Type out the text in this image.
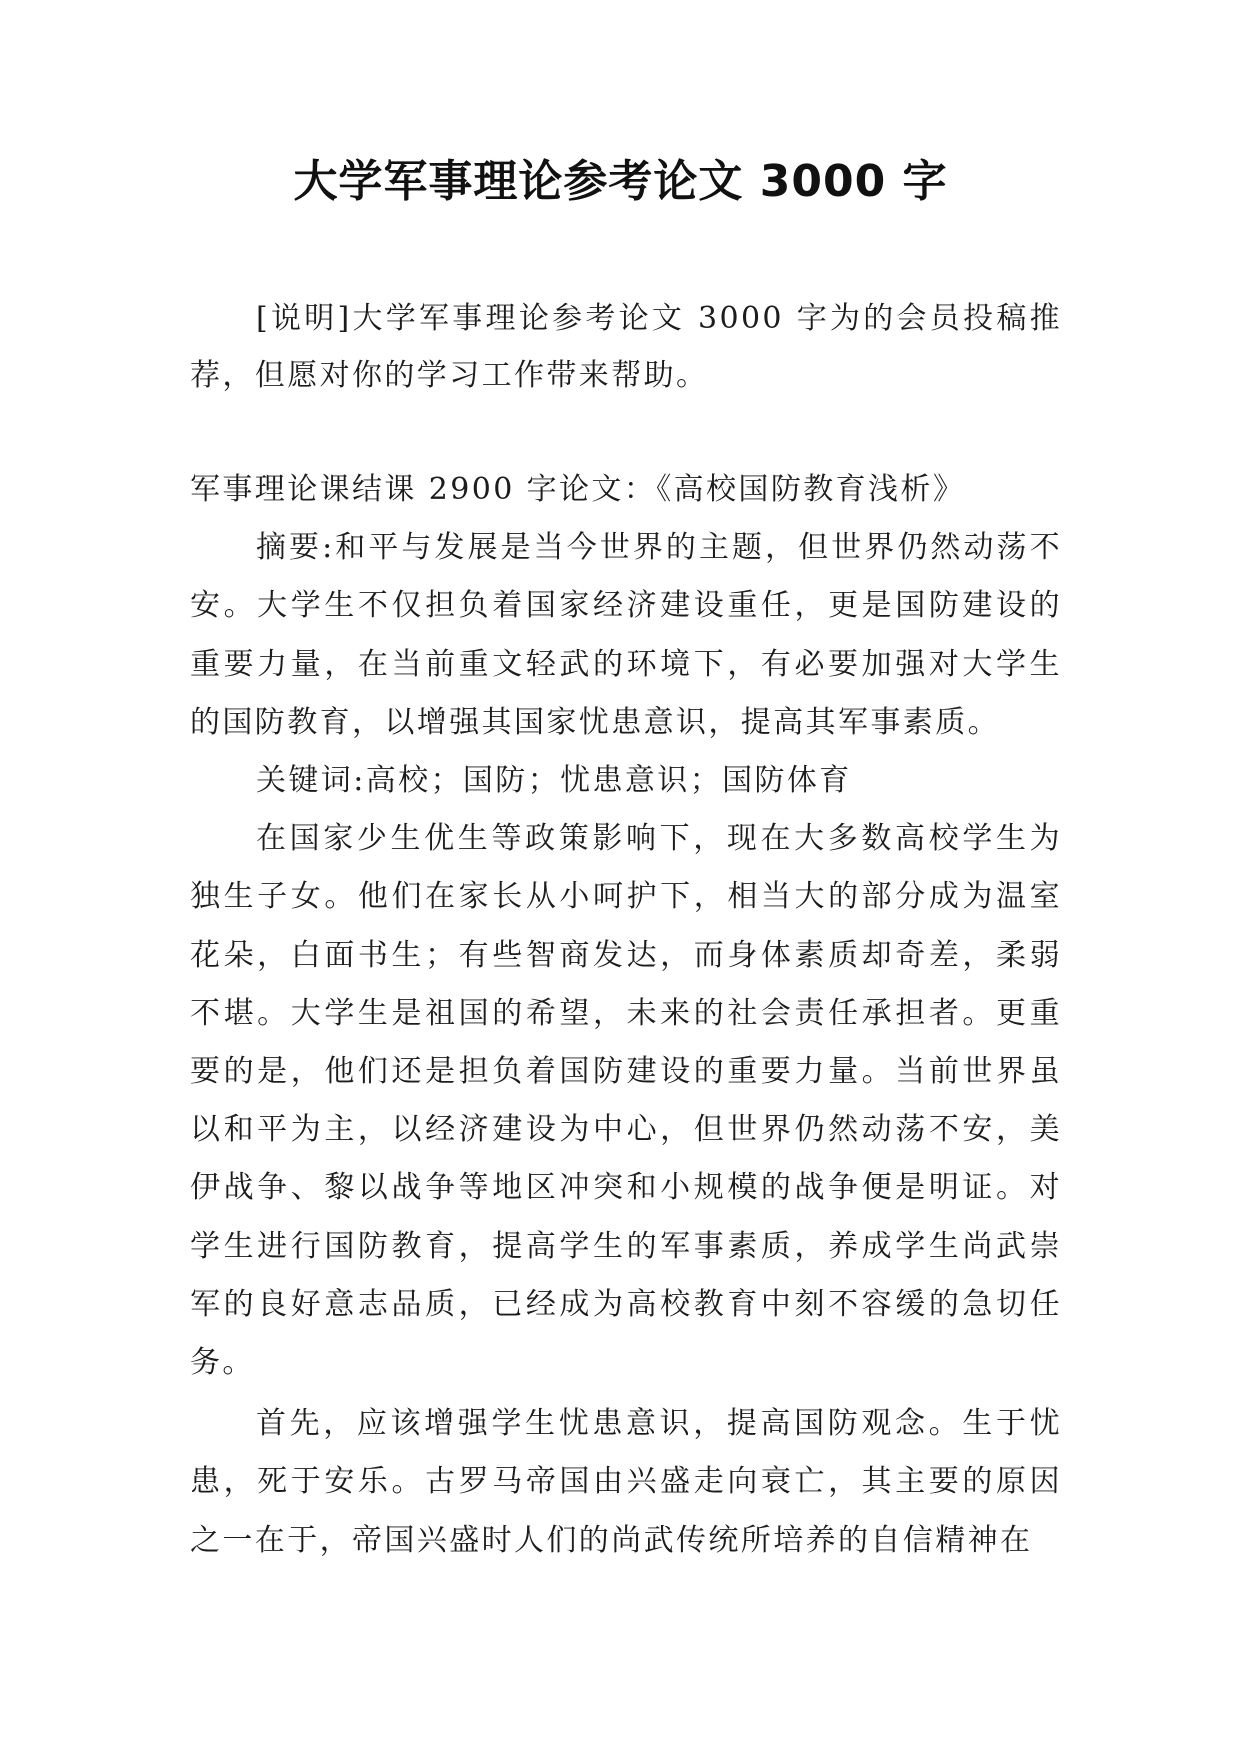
大学军事理论参考论文 3000 字

[说明]大学军事理论参考论文 3000 字为的会员投稿推荐，但愿对你的学习工作带来帮助。

军事理论课结课 2900 字论文：《高校国防教育浅析》

摘要:和平与发展是当今世界的主题，但世界仍然动荡不安。大学生不仅担负着国家经济建设重任，更是国防建设的重要力量，在当前重文轻武的环境下，有必要加强对大学生的国防教育，以增强其国家忧患意识，提高其军事素质。

关键词:高校；国防；忧患意识；国防体育

在国家少生优生等政策影响下，现在大多数高校学生为独生子女。他们在家长从小呵护下，相当大的部分成为温室花朵，白面书生；有些智商发达，而身体素质却奇差，柔弱不堪。大学生是祖国的希望，未来的社会责任承担者。更重要的是，他们还是担负着国防建设的重要力量。当前世界虽以和平为主，以经济建设为中心，但世界仍然动荡不安，美伊战争、黎以战争等地区冲突和小规模的战争便是明证。对学生进行国防教育，提高学生的军事素质，养成学生尚武崇军的良好意志品质，已经成为高校教育中刻不容缓的急切任务。

首先，应该增强学生忧患意识，提高国防观念。生于忧患，死于安乐。古罗马帝国由兴盛走向衰亡，其主要的原因之一在于，帝国兴盛时人们的尚武传统所培养的自信精神在
